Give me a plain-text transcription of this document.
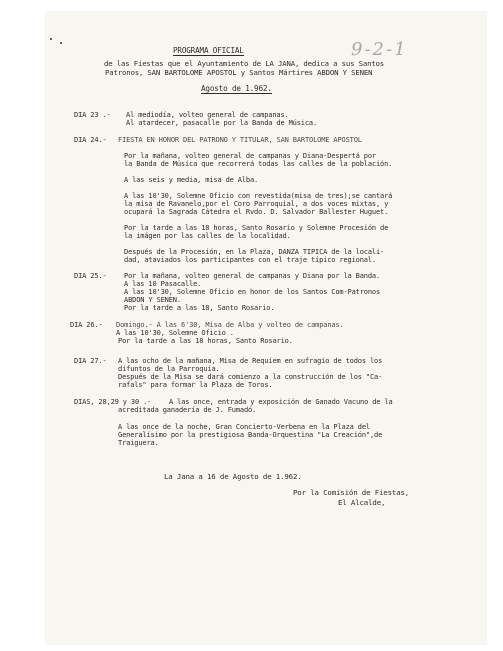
9-2-1
PROGRAMA OFICIAL
de las Fiestas que el Ayuntamiento de LA JANA, dedica a sus Santos
Patronos, SAN BARTOLOME APOSTOL y Santos Mártires ABDON Y SENEN
Agosto de 1.962.
DIA 23 .- Al mediodía, volteo general de campanas.
Al atardecer, pasacalle por la Banda de Música.
DIA 24.- FIESTA EN HONOR DEL PATRONO Y TITULAR, SAN BARTOLOME APOSTOL
Por la mañana, volteo general de campanas y Diana-Despertá por
la Banda de Música que recorrerá todas las calles de la población.
A las seis y media, misa de Alba.
A las 10'30, Solemne Oficio con revestida(misa de tres);se cantará
la misa de Ravanelo,por el Coro Parroquial, a dos voces mixtas, y
ocupará la Sagrada Cátedra el Rvdo. D. Salvador Ballester Huguet.
Por la tarde a las 18 horas, Santo Rosario y Solemne Procesión de
la imágen por las calles de la localidad.
Después de la Procesión, en la Plaza, DANZA TIPICA de la locali-
dad, ataviados los participantes con el traje típico regional.
DIA 25.- Por la mañana, volteo general de campanas y Diana por la Banda.
A las 10 Pasacalle.
A las 10'30, Solemne Oficio en honor de los Santos Com-Patronos
ABDON Y SENEN.
Por la tarde a las 18, Santo Rosario.
DIA 26.- Domingo.- A las 6'30, Misa de Alba y volteo de campanas.
A las 10'30, Solemne Oficio .
Por la tarde a las 18 horas, Santo Rosario.
DIA 27.- A las ocho de la mañana, Misa de Requiem en sufragio de todos los
difuntos de la Parroquia.
Después de la Misa se dará comienzo a la construcción de los "Ca-
rafals" para formar la Plaza de Toros.
DIAS, 28,29 y 30 .-	A las once, entrada y exposición de Ganado Vacuno de la
acreditada ganadería de J. Fumadó.
A las once de la noche, Gran Concierto-Verbena en la Plaza del
Generalísimo por la prestigiosa Banda-Orquestina "La Creación",de
Traiguera.
La Jana a 16 de Agosto de 1.962.
Por la Comisión de Fiestas,
El Alcalde,
